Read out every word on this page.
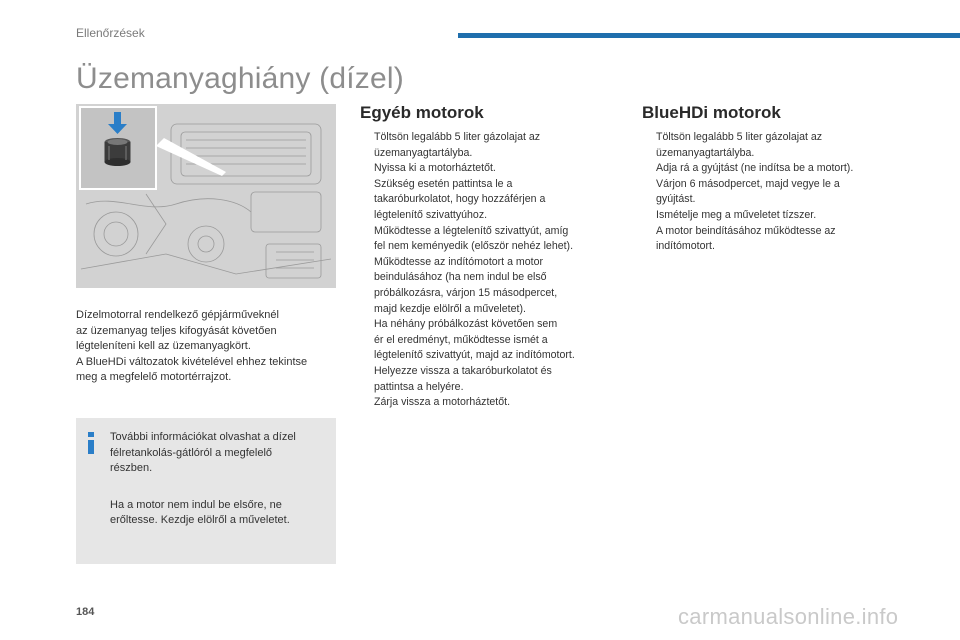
Ellenőrzések
Üzemanyaghiány (dízel)
Dízelmotorral rendelkező gépjárműveknél
az üzemanyag teljes kifogyását követően
légteleníteni kell az üzemanyagkört.
A BlueHDi változatok kivételével ehhez tekintse
meg a megfelelő motortérrajzot.

További információkat olvashat a dízel
félretankolás-gátlóról a megfelelő
részben.

Ha a motor nem indul be elsőre, ne
erőltesse. Kezdje elölről a műveletet.

Egyéb motorok
Töltsön legalább 5 liter gázolajat az
üzemanyagtartályba.
Nyissa ki a motorháztetőt.
Szükség esetén pattintsa le a
takaróburkolatot, hogy hozzáférjen a
légtelenítő szivattyúhoz.
Működtesse a légtelenítő szivattyút, amíg
fel nem keményedik (először nehéz lehet).
Működtesse az indítómotort a motor
beindulásához (ha nem indul be első
próbálkozásra, várjon 15 másodpercet,
majd kezdje elölről a műveletet).
Ha néhány próbálkozást követően sem
ér el eredményt, működtesse ismét a
légtelenítő szivattyút, majd az indítómotort.
Helyezze vissza a takaróburkolatot és
pattintsa a helyére.
Zárja vissza a motorháztetőt.
BlueHDi motorok
Töltsön legalább 5 liter gázolajat az
üzemanyagtartályba.
Adja rá a gyújtást (ne indítsa be a motort).
Várjon 6 másodpercet, majd vegye le a
gyújtást.
Ismételje meg a műveletet tízszer.
A motor beindításához működtesse az
indítómotort.
184	carmanualsonline.info
